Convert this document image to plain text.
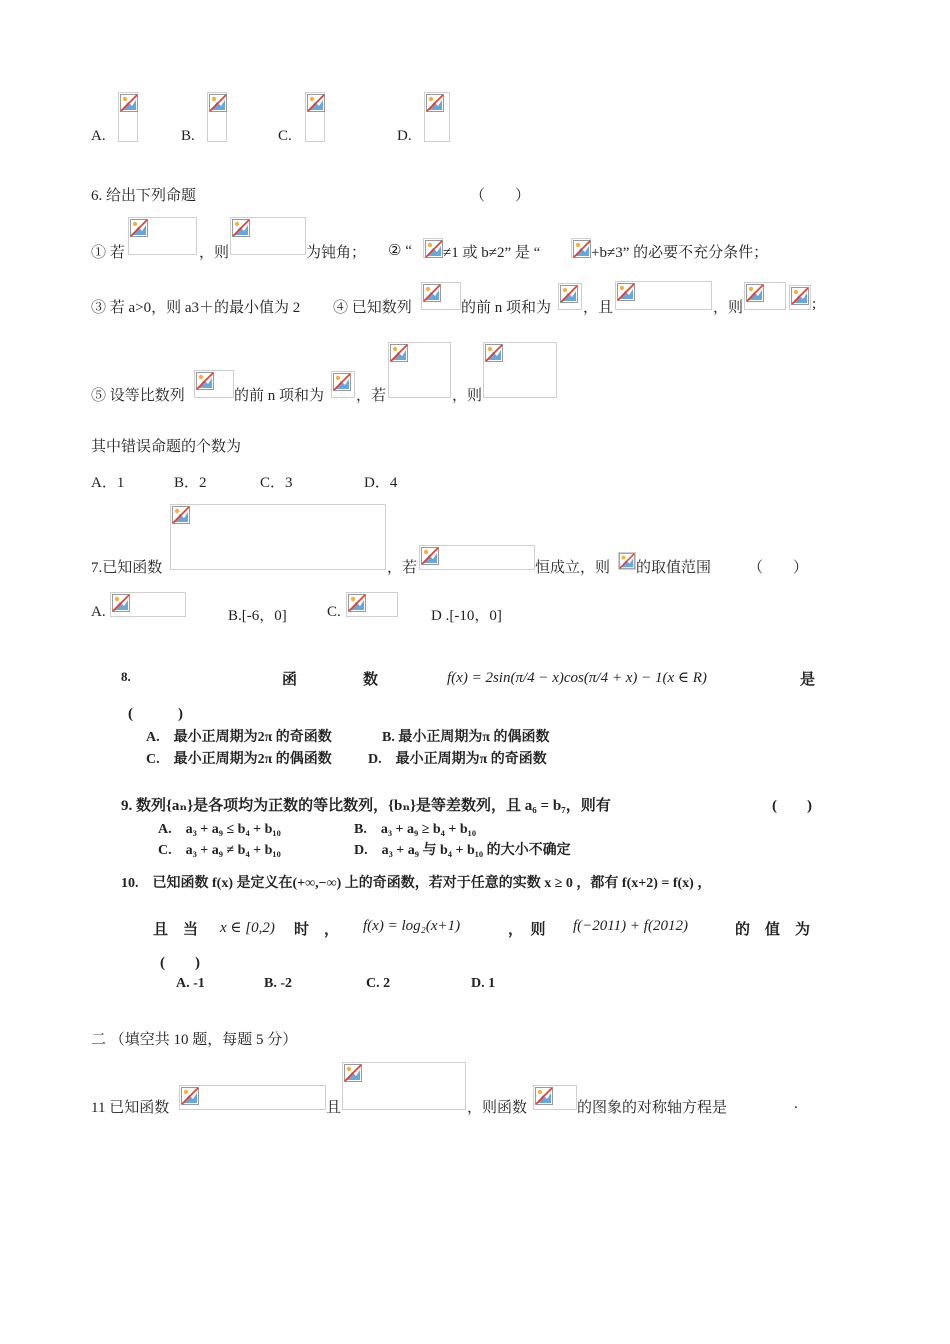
A.	B.	C.	D.
6. 给出下列命题	（　　）
① 若	，则	为钝角； ② “ ≠1 或 b≠2” 是 “	+b≠3” 的必要不充分条件；
③ 若 a>0，则 a3＋的最小值为 2 ④ 已知数列	的前 n 项和为 ，且	，则	;
⑤ 设等比数列	的前 n 项和为 ，若	，则
其中错误命题的个数为
A．1	B．2	C．3	D．4
7.已知函数	，若	恒成立，则 的取值范围 （　　）
A.	B.[-6，0]	C.	D .[-10，0]
8.	函	数	f(x) = 2sin(π/4 − x)cos(π/4 + x) − 1(x ∈ R)	是
(　　　)
A.　最小正周期为2π 的奇函数	B. 最小正周期为π 的偶函数
C.　最小正周期为2π 的偶函数	D.　最小正周期为π 的奇函数
9. 数列{aₙ}是各项均为正数的等比数列，{bₙ}是等差数列，且 a₆ = b₇，则有	(　　)
A.　a₃ + a₉ ≤ b₄ + b₁₀	B.　a₃ + a₉ ≥ b₄ + b₁₀
C.　a₃ + a₉ ≠ b₄ + b₁₀	D.　a₃ + a₉ 与 b₄ + b₁₀ 的大小不确定
10.　已知函数 f(x) 是定义在(+∞,−∞) 上的奇函数，若对于任意的实数 x ≥ 0 ，都有 f(x+2) = f(x) ，
且　当 x ∈ [0,2) 时　， f(x) = log₂(x+1)	，　则 f(−2011) + f(2012)	的　值　为
(　　)
A. -1	B. -2	C. 2	D. 1
二 （填空共 10 题，每题 5 分）
11 已知函数	且	，则函数	的图象的对称轴方程是	.
